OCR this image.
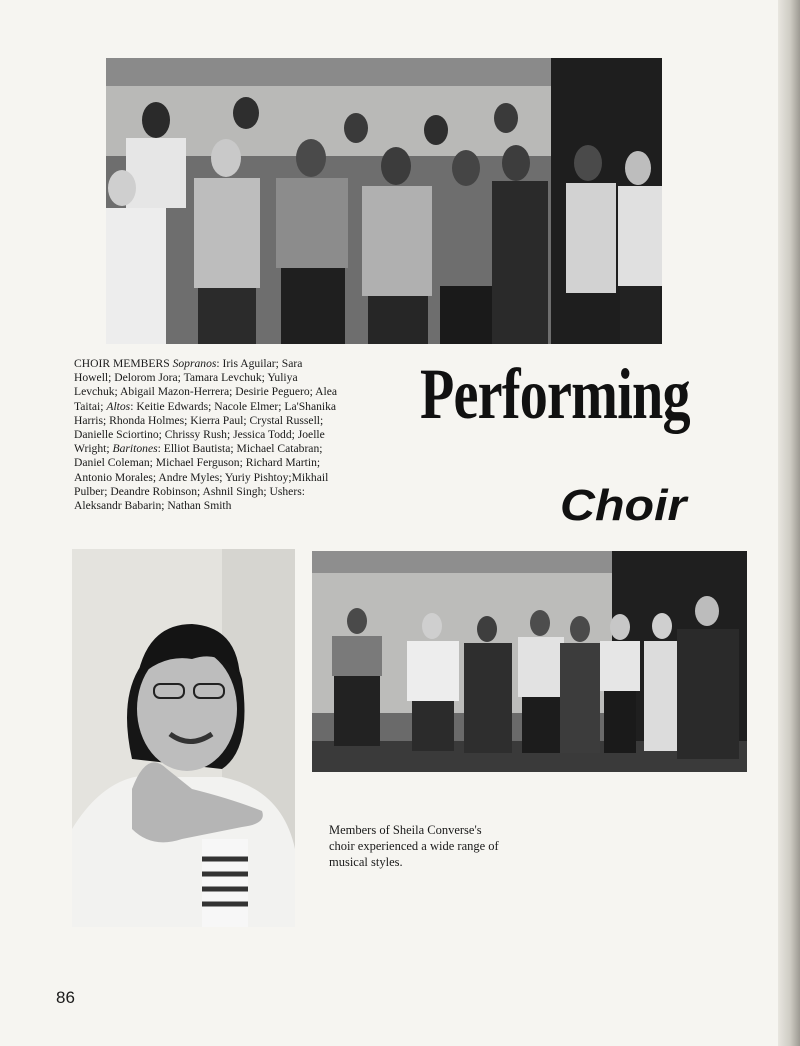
CHOIR MEMBERS Sopranos: Iris Aguilar; Sara Howell; Delorom Jora; Tamara Levchuk; Yuliya Levchuk; Abigail Mazon-Herrera; Desirie Peguero; Alea Taitai; Altos: Keitie Edwards; Nacole Elmer; La'Shanika Harris; Rhonda Holmes; Kierra Paul; Crystal Russell; Danielle Sciortino; Chrissy Rush; Jessica Todd; Joelle Wright; Baritones: Elliot Bautista; Michael Catabran; Daniel Coleman; Michael Ferguson; Richard Martin; Antonio Morales; Andre Myles; Yuriy Pishtoy;Mikhail Pulber; Deandre Robinson; Ashnil Singh; Ushers: Aleksandr Babarin; Nathan Smith

Performing
Choir
Members of Sheila Converse's choir experienced a wide range of musical styles.
86
